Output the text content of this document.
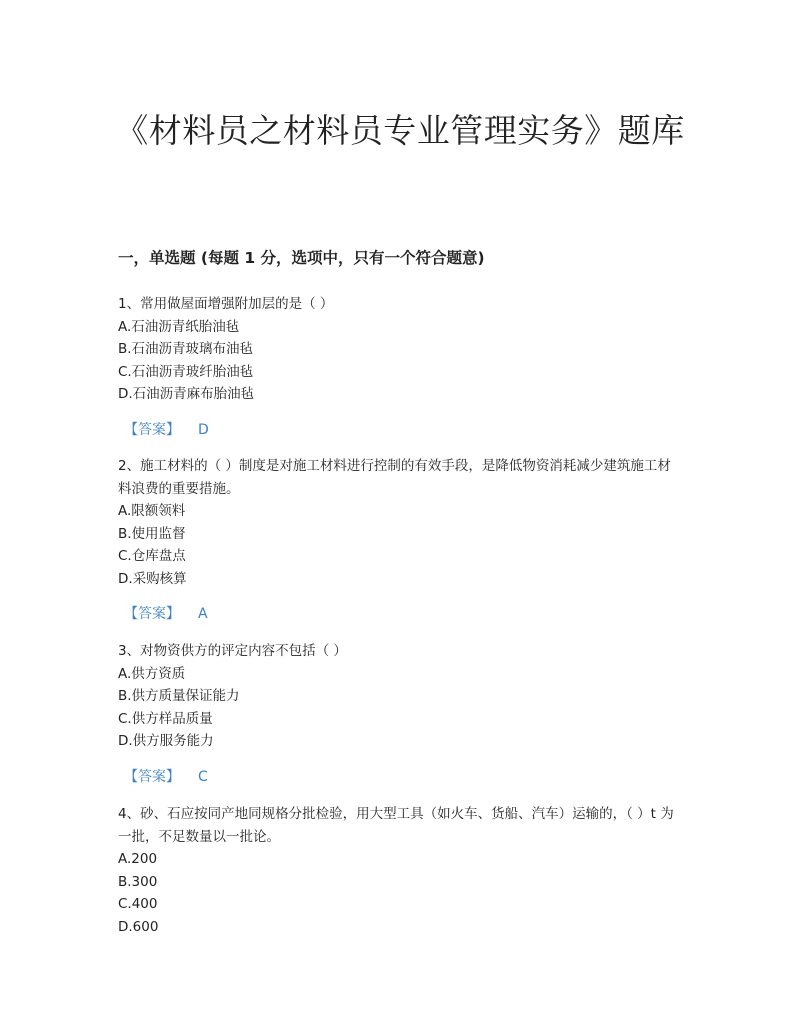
《材料员之材料员专业管理实务》题库
一，单选题 (每题 1 分，选项中，只有一个符合题意)

1、常用做屋面增强附加层的是（ ）

A.石油沥青纸胎油毡
B.石油沥青玻璃布油毡
C.石油沥青玻纤胎油毡
D.石油沥青麻布胎油毡
【答案】 D

2、施工材料的（ ）制度是对施工材料进行控制的有效手段，是降低物资消耗减少建筑施工材料浪费的重要措施。

A.限额领料
B.使用监督
C.仓库盘点
D.采购核算
【答案】 A

3、对物资供方的评定内容不包括（ ）

A.供方资质
B.供方质量保证能力
C.供方样品质量
D.供方服务能力
【答案】 C

4、砂、石应按同产地同规格分批检验，用大型工具（如火车、货船、汽车）运输的，（ ）t 为一批，不足数量以一批论。

A.200
B.300
C.400
D.600
